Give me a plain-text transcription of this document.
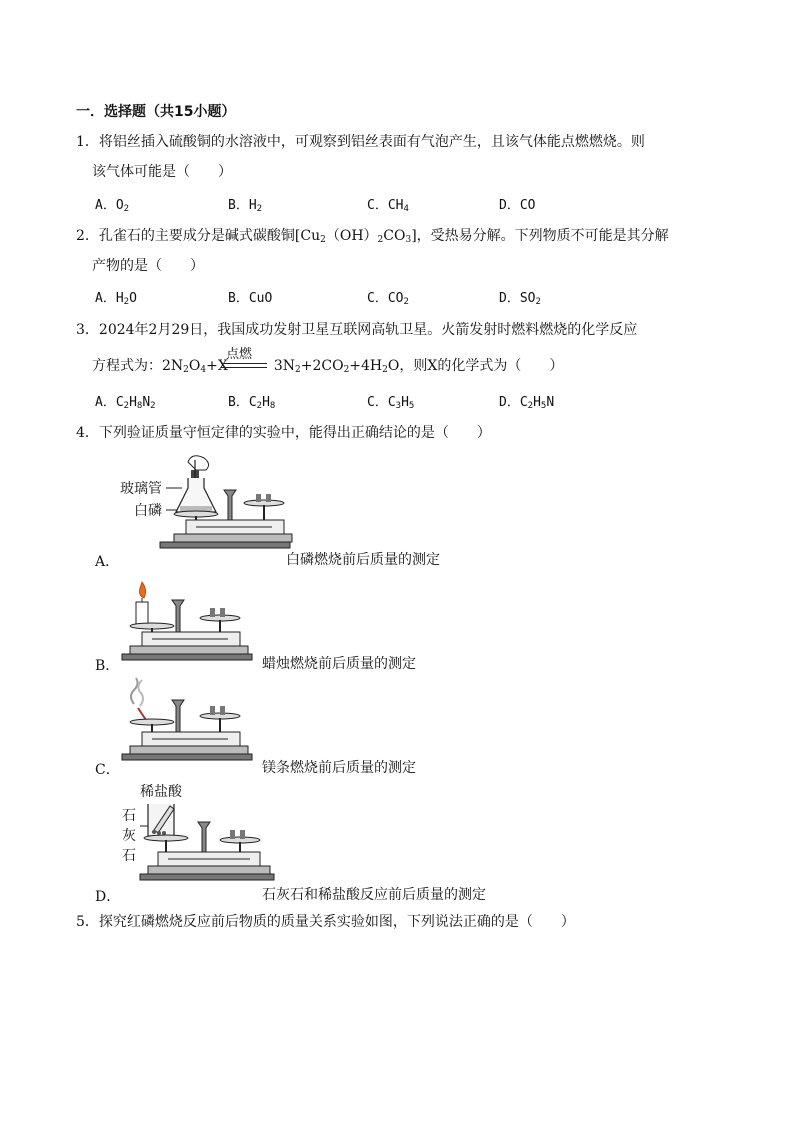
一．选择题（共15小题）
1．将铝丝插入硫酸铜的水溶液中，可观察到铝丝表面有气泡产生，且该气体能点燃燃烧。则
该气体可能是（　　）
A．$O_2$	B．$H_2$	C．$CH_4$	D．CO
2．孔雀石的主要成分是碱式碳酸铜$[Cu_2(OH)_2CO_3]$，受热易分解。下列物质不可能是其分解
产物的是（　　）
A．$H_2O$	B．CuO	C．$CO_2$	D．$SO_2$
3．2024年2月29日，我国成功发射卫星互联网高轨卫星。火箭发射时燃料燃烧的化学反应
方程式为：$2N_2O_4+X$	$3N_2+2CO_2+4H_2O$，则X的化学式为（　　）
点燃
A．$C_2H_8N_2$	B．$C_2H_8$	C．$C_3H_5$	D．$C_2H_5N$
4．下列验证质量守恒定律的实验中，能得出正确结论的是（　　）
玻璃管
白磷
A．	白磷燃烧前后质量的测定
B．	蜡烛燃烧前后质量的测定
C．	镁条燃烧前后质量的测定
稀盐酸
石
灰
石
D．	石灰石和稀盐酸反应前后质量的测定
5．探究红磷燃烧反应前后物质的质量关系实验如图，下列说法正确的是（　　）
